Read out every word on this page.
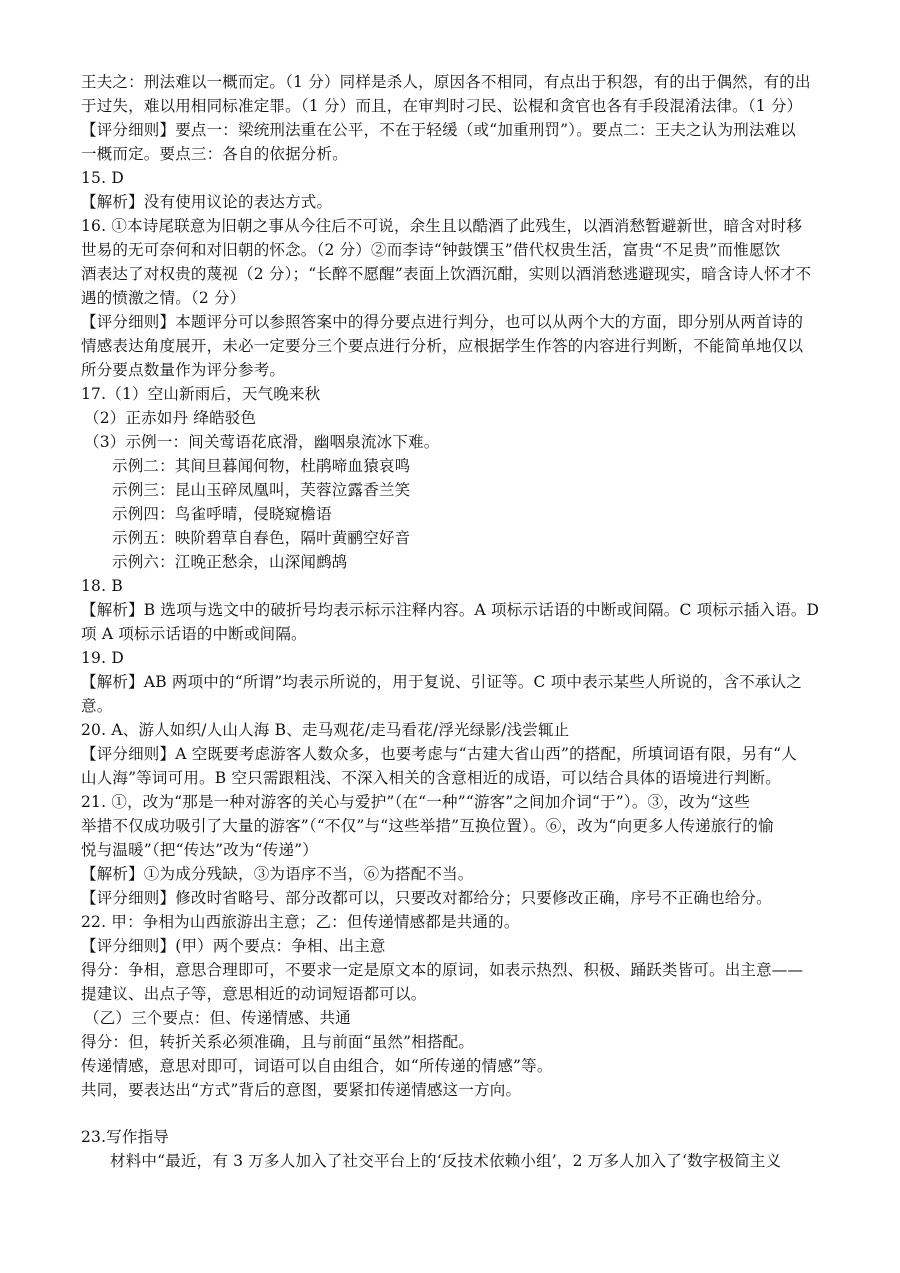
王夫之：刑法难以一概而定。（1 分）同样是杀人，原因各不相同，有点出于积怨，有的出于偶然，有的出
于过失，难以用相同标准定罪。（1 分）而且，在审判时刁民、讼棍和贪官也各有手段混淆法律。（1 分）
【评分细则】要点一：梁统刑法重在公平，不在于轻缓（或“加重刑罚”）。要点二：王夫之认为刑法难以
一概而定。要点三：各自的依据分析。
15. D
【解析】没有使用议论的表达方式。
16. ①本诗尾联意为旧朝之事从今往后不可说，余生且以酷酒了此残生，以酒消愁暂避新世，暗含对时移
世易的无可奈何和对旧朝的怀念。（2 分）②而李诗“钟鼓馔玉”借代权贵生活，富贵“不足贵”而惟愿饮
酒表达了对权贵的蔑视（2 分）；“长醉不愿醒”表面上饮酒沉酣，实则以酒消愁逃避现实，暗含诗人怀才不
遇的愤激之情。（2 分）
【评分细则】本题评分可以参照答案中的得分要点进行判分，也可以从两个大的方面，即分别从两首诗的
情感表达角度展开，未必一定要分三个要点进行分析，应根据学生作答的内容进行判断，不能简单地仅以
所分要点数量作为评分参考。
17.（1）空山新雨后，天气晚来秋
（2）正赤如丹 绛皓驳色
（3）示例一：间关莺语花底滑，幽咽泉流冰下难。
示例二：其间旦暮闻何物，杜鹃啼血猿哀鸣
示例三：昆山玉碎凤凰叫，芙蓉泣露香兰笑
示例四：鸟雀呼晴，侵晓窥檐语
示例五：映阶碧草自春色，隔叶黄鹂空好音
示例六：江晚正愁余，山深闻鹧鸪
18. B
【解析】B 选项与选文中的破折号均表示标示注释内容。A 项标示话语的中断或间隔。C 项标示插入语。D
项 A 项标示话语的中断或间隔。
19. D
【解析】AB 两项中的“所谓”均表示所说的，用于复说、引证等。C 项中表示某些人所说的，含不承认之
意。
20. A、游人如织/人山人海 B、走马观花/走马看花/浮光绿影/浅尝辄止
【评分细则】A 空既要考虑游客人数众多，也要考虑与“古建大省山西”的搭配，所填词语有限，另有“人
山人海”等词可用。B 空只需跟粗浅、不深入相关的含意相近的成语，可以结合具体的语境进行判断。
21. ①，改为“那是一种对游客的关心与爱护”（在“一种”“游客”之间加介词“于”）。③，改为“这些
举措不仅成功吸引了大量的游客”（“不仅”与“这些举措”互换位置）。⑥，改为“向更多人传递旅行的愉
悦与温暖”（把“传达”改为“传递”）
【解析】①为成分残缺，③为语序不当，⑥为搭配不当。
【评分细则】修改时省略号、部分改都可以，只要改对都给分；只要修改正确，序号不正确也给分。
22. 甲：争相为山西旅游出主意；乙：但传递情感都是共通的。
【评分细则】(甲）两个要点：争相、出主意
得分：争相，意思合理即可，不要求一定是原文本的原词，如表示热烈、积极、踊跃类皆可。出主意——
提建议、出点子等，意思相近的动词短语都可以。
（乙）三个要点：但、传递情感、共通
得分：但，转折关系必须准确，且与前面“虽然”相搭配。
传递情感，意思对即可，词语可以自由组合，如“所传递的情感”等。
共同，要表达出“方式”背后的意图，要紧扣传递情感这一方向。
23.写作指导
材料中“最近，有 3 万多人加入了社交平台上的‘反技术依赖小组’，2 万多人加入了‘数字极简主义
